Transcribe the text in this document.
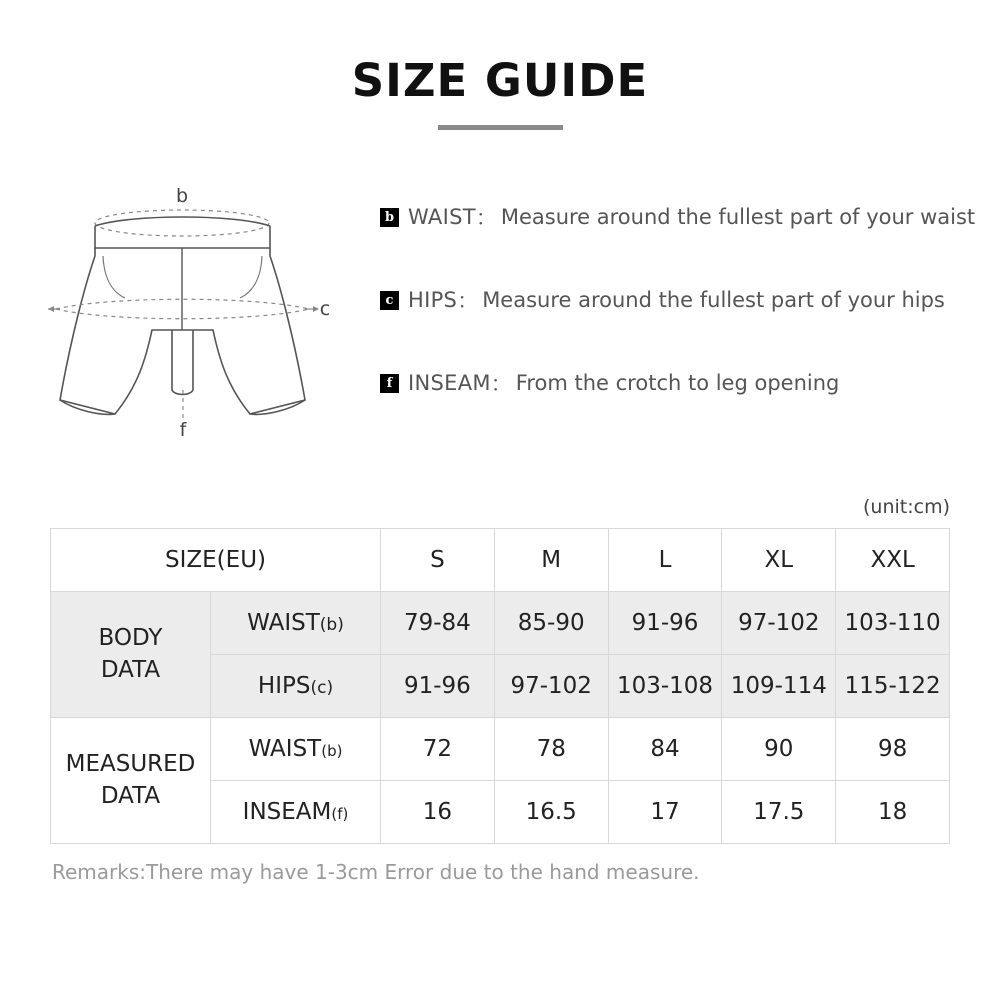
SIZE GUIDE
b
c
f
b WAIST ： Measure around the fullest part of your waist
c HIPS ： Measure around the fullest part of your hips
f INSEAM ： From the crotch to leg opening
(unit:cm)
SIZE(EU)		S	M	L	XL	XXL

BODY
DATA	WAIST(b)	79-84	85-90	91-96	97-102	103-110
	HIPS(c)	91-96	97-102	103-108	109-114	115-122

MEASURED
DATA	WAIST(b)	72	78	84	90	98
	INSEAM(f)	16	16.5	17	17.5	18
Remarks:There may have 1-3cm Error due to the hand measure.
